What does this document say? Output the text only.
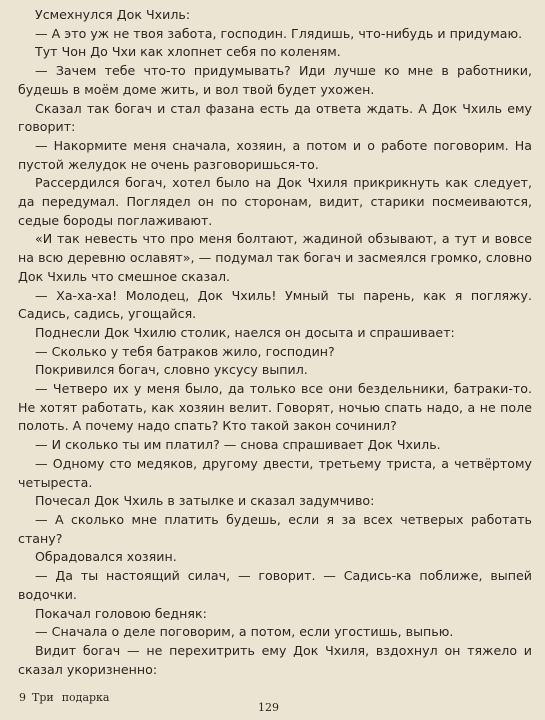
Усмехнулся Док Чхиль:

— А это уж не твоя забота, господин. Глядишь, что-нибудь и придумаю.

Тут Чон До Чхи как хлопнет себя по коленям.

— Зачем тебе что-то придумывать? Иди лучше ко мне в работники, будешь в моём доме жить, и вол твой будет ухожен.

Сказал так богач и стал фазана есть да ответа ждать. А Док Чхиль ему говорит:

— Накормите меня сначала, хозяин, а потом и о работе поговорим. На пустой желудок не очень разговоришься-то.

Рассердился богач, хотел было на Док Чхиля прикрикнуть как следует, да передумал. Поглядел он по сторонам, видит, старики посмеиваются, седые бороды поглаживают.

«И так невесть что про меня болтают, жадиной обзывают, а тут и вовсе на всю деревню ославят», — подумал так богач и засмеялся громко, словно Док Чхиль что смешное сказал.

— Ха-ха-ха! Молодец, Док Чхиль! Умный ты парень, как я погляжу. Садись, садись, угощайся.

Поднесли Док Чхилю столик, наелся он досыта и спрашивает:

— Сколько у тебя батраков жило, господин?

Покривился богач, словно уксусу выпил.

— Четверо их у меня было, да только все они бездельники, батраки-то. Не хотят работать, как хозяин велит. Говорят, ночью спать надо, а не поле полоть. А почему надо спать? Кто такой закон сочинил?

— И сколько ты им платил? — снова спрашивает Док Чхиль.

— Одному сто медяков, другому двести, третьему триста, а четвёртому четыреста.

Почесал Док Чхиль в затылке и сказал задумчиво:

— А сколько мне платить будешь, если я за всех четверых работать стану?

Обрадовался хозяин.

— Да ты настоящий силач, — говорит. — Садись-ка поближе, выпей водочки.

Покачал головою бедняк:

— Сначала о деле поговорим, а потом, если угостишь, выпью.

Видит богач — не перехитрить ему Док Чхиля, вздохнул он тяжело и сказал укоризненно:

9 Три подарка
129
